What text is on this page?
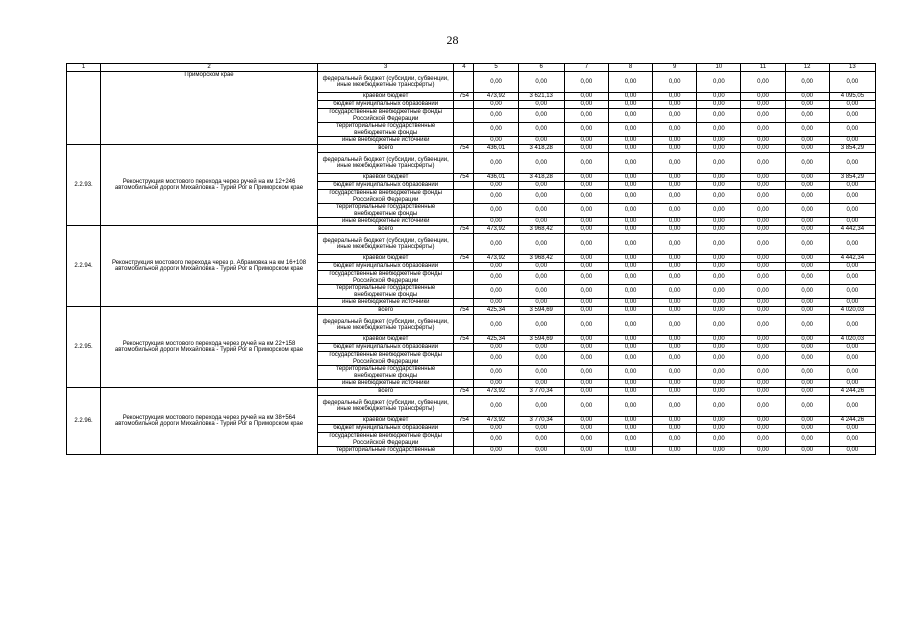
28
1	2	3	4	5	6	7	8	9	10	11	12	13
	Приморском крае	федеральный бюджет (субсидии, субвенции, иные межбюджетные трансферты)		0,00	0,00	0,00	0,00	0,00	0,00	0,00	0,00	0,00
		краевой бюджет	754	473,92	3 621,13	0,00	0,00	0,00	0,00	0,00	0,00	4 095,05
		бюджет муниципальных образований		0,00	0,00	0,00	0,00	0,00	0,00	0,00	0,00	0,00
		государственные внебюджетные фонды Российской Федерации		0,00	0,00	0,00	0,00	0,00	0,00	0,00	0,00	0,00
		территориальные государственные внебюджетные фонды		0,00	0,00	0,00	0,00	0,00	0,00	0,00	0,00	0,00
		иные внебюджетные источники		0,00	0,00	0,00	0,00	0,00	0,00	0,00	0,00	0,00
2.2.93.	Реконструкция мостового перехода через ручей на км 12+246 автомобильной дороги Михайловка - Турий Рог в Приморском крае	всего	754	436,01	3 418,28	0,00	0,00	0,00	0,00	0,00	0,00	3 854,29
		федеральный бюджет (субсидии, субвенции, иные межбюджетные трансферты)		0,00	0,00	0,00	0,00	0,00	0,00	0,00	0,00	0,00
		краевой бюджет	754	436,01	3 418,28	0,00	0,00	0,00	0,00	0,00	0,00	3 854,29
		бюджет муниципальных образований		0,00	0,00	0,00	0,00	0,00	0,00	0,00	0,00	0,00
		государственные внебюджетные фонды Российской Федерации		0,00	0,00	0,00	0,00	0,00	0,00	0,00	0,00	0,00
		территориальные государственные внебюджетные фонды		0,00	0,00	0,00	0,00	0,00	0,00	0,00	0,00	0,00
		иные внебюджетные источники		0,00	0,00	0,00	0,00	0,00	0,00	0,00	0,00	0,00
2.2.94.	Реконструкция мостового перехода через р. Абрамовка на км 16+108 автомобильной дороги Михайловка - Турий Рог в Приморском крае	всего	754	473,92	3 968,42	0,00	0,00	0,00	0,00	0,00	0,00	4 442,34
		федеральный бюджет (субсидии, субвенции, иные межбюджетные трансферты)		0,00	0,00	0,00	0,00	0,00	0,00	0,00	0,00	0,00
		краевой бюджет	754	473,92	3 968,42	0,00	0,00	0,00	0,00	0,00	0,00	4 442,34
		бюджет муниципальных образований		0,00	0,00	0,00	0,00	0,00	0,00	0,00	0,00	0,00
		государственные внебюджетные фонды Российской Федерации		0,00	0,00	0,00	0,00	0,00	0,00	0,00	0,00	0,00
		территориальные государственные внебюджетные фонды		0,00	0,00	0,00	0,00	0,00	0,00	0,00	0,00	0,00
		иные внебюджетные источники		0,00	0,00	0,00	0,00	0,00	0,00	0,00	0,00	0,00
2.2.95.	Реконструкция мостового перехода через ручей на км 22+158 автомобильной дороги Михайловка - Турий Рог в Приморском крае	всего	754	425,34	3 594,69	0,00	0,00	0,00	0,00	0,00	0,00	4 020,03
		федеральный бюджет (субсидии, субвенции, иные межбюджетные трансферты)		0,00	0,00	0,00	0,00	0,00	0,00	0,00	0,00	0,00
		краевой бюджет	754	425,34	3 594,69	0,00	0,00	0,00	0,00	0,00	0,00	4 020,03
		бюджет муниципальных образований		0,00	0,00	0,00	0,00	0,00	0,00	0,00	0,00	0,00
		государственные внебюджетные фонды Российской Федерации		0,00	0,00	0,00	0,00	0,00	0,00	0,00	0,00	0,00
		территориальные государственные внебюджетные фонды		0,00	0,00	0,00	0,00	0,00	0,00	0,00	0,00	0,00
		иные внебюджетные источники		0,00	0,00	0,00	0,00	0,00	0,00	0,00	0,00	0,00
2.2.96.	Реконструкция мостового перехода через ручей на км 38+564 автомобильной дороги Михайловка - Турий Рог в Приморском крае	всего	754	473,92	3 770,34	0,00	0,00	0,00	0,00	0,00	0,00	4 244,26
		федеральный бюджет (субсидии, субвенции, иные межбюджетные трансферты)		0,00	0,00	0,00	0,00	0,00	0,00	0,00	0,00	0,00
		краевой бюджет	754	473,92	3 770,34	0,00	0,00	0,00	0,00	0,00	0,00	4 244,26
		бюджет муниципальных образований		0,00	0,00	0,00	0,00	0,00	0,00	0,00	0,00	0,00
		государственные внебюджетные фонды Российской Федерации		0,00	0,00	0,00	0,00	0,00	0,00	0,00	0,00	0,00
		территориальные государственные		0,00	0,00	0,00	0,00	0,00	0,00	0,00	0,00	0,00
